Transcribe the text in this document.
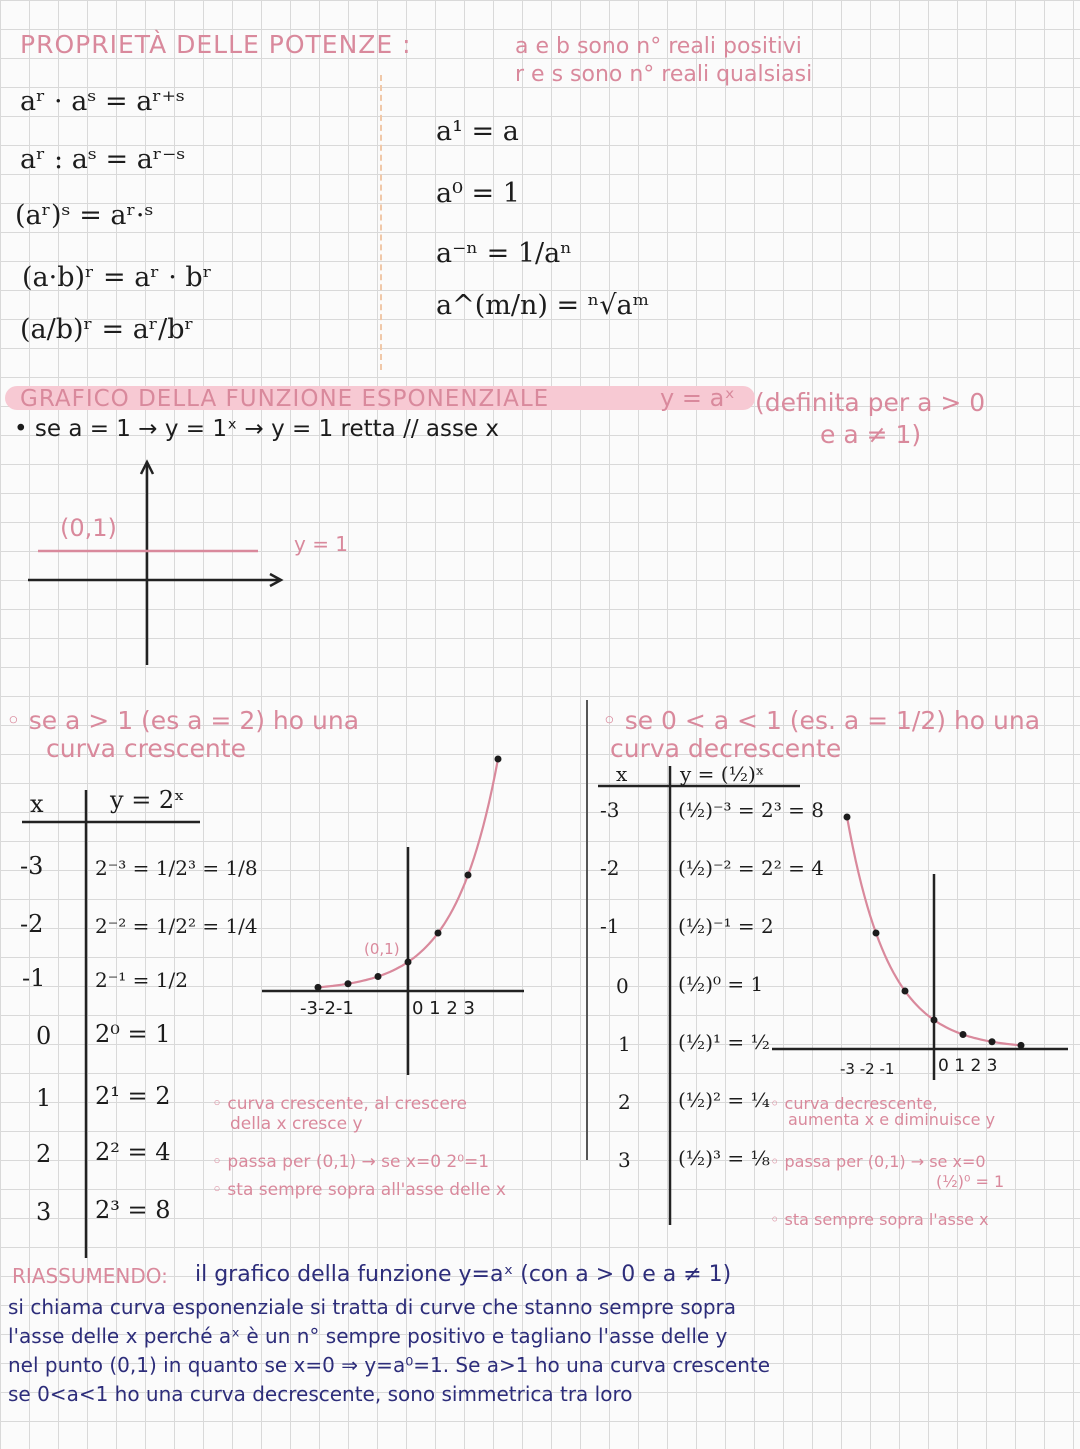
PROPRIETÀ DELLE POTENZE :	a e b sono n° reali positivi
r e s sono n° reali qualsiasi
aʳ · aˢ = aʳ⁺ˢ
aʳ : aˢ = aʳ⁻ˢ
(aʳ)ˢ = aʳ·ˢ
(a·b)ʳ = aʳ · bʳ
(a/b)ʳ = aʳ/bʳ
a¹ = a
a⁰ = 1
a⁻ⁿ = 1/aⁿ
a^(m/n) = ⁿ√aᵐ
GRAFICO DELLA FUNZIONE ESPONENZIALE	y = aˣ (definita per a > 0
e a ≠ 1)
• se a = 1 → y = 1ˣ → y = 1 retta // asse x
(0,1)
y = 1
◦ se a > 1 (es a = 2) ho una
curva crescente
x	y = 2ˣ
-3	2⁻³ = 1/2³ = 1/8
-2	2⁻² = 1/2² = 1/4
-1 2⁻¹ = 1/2
0 2⁰ = 1
1 2¹ = 2
2 2² = 4
3 2³ = 8
(0,1)
-3-2-1	0 1 2 3
◦ curva crescente, al crescere
della x cresce y
◦ passa per (0,1) → se x=0 2⁰=1
◦ sta sempre sopra all'asse delle x
◦ se 0 < a < 1 (es. a = 1/2) ho una
curva decrescente
x	y = (½)ˣ
-3	(½)⁻³ = 2³ = 8
-2	(½)⁻² = 2² = 4
-1	(½)⁻¹ = 2
0 (½)⁰ = 1
1 (½)¹ = ½
2 (½)² = ¼
3 (½)³ = ⅛
-3 -2 -1	0 1 2 3
◦ curva decrescente,
aumenta x e diminuisce y
◦ passa per (0,1) → se x=0
(½)⁰ = 1
◦ sta sempre sopra l'asse x
RIASSUMENDO: il grafico della funzione y=aˣ (con a > 0 e a ≠ 1)
si chiama curva esponenziale si tratta di curve che stanno sempre sopra
l'asse delle x perché aˣ è un n° sempre positivo e tagliano l'asse delle y
nel punto (0,1) in quanto se x=0 ⇒ y=a⁰=1. Se a>1 ho una curva crescente
se 0<a<1 ho una curva decrescente, sono simmetrica tra loro
